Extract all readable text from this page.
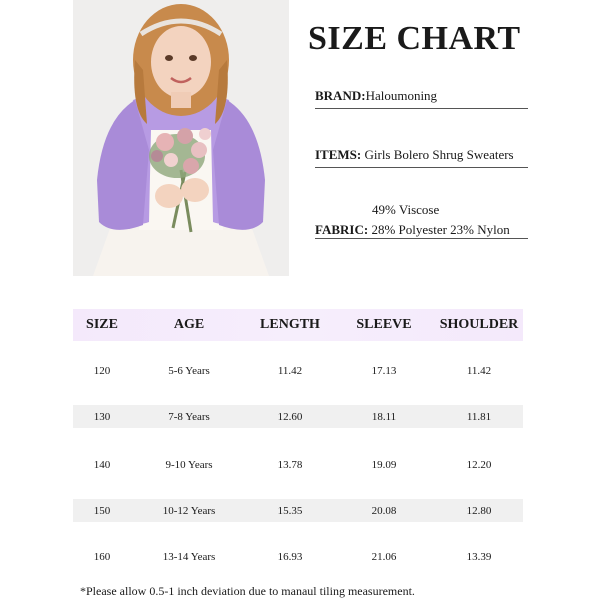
SIZE CHART
BRAND:Haloumoning
ITEMS: Girls Bolero Shrug Sweaters
49% Viscose
FABRIC: 28% Polyester 23% Nylon
SIZE	AGE	LENGTH	SLEEVE	SHOULDER
120	5-6 Years	11.42	17.13	11.42
130	7-8 Years	12.60	18.11	11.81
140	9-10 Years	13.78	19.09	12.20
150	10-12 Years	15.35	20.08	12.80
160	13-14 Years	16.93	21.06	13.39
*Please allow 0.5-1 inch deviation due to manaul tiling measurement.
